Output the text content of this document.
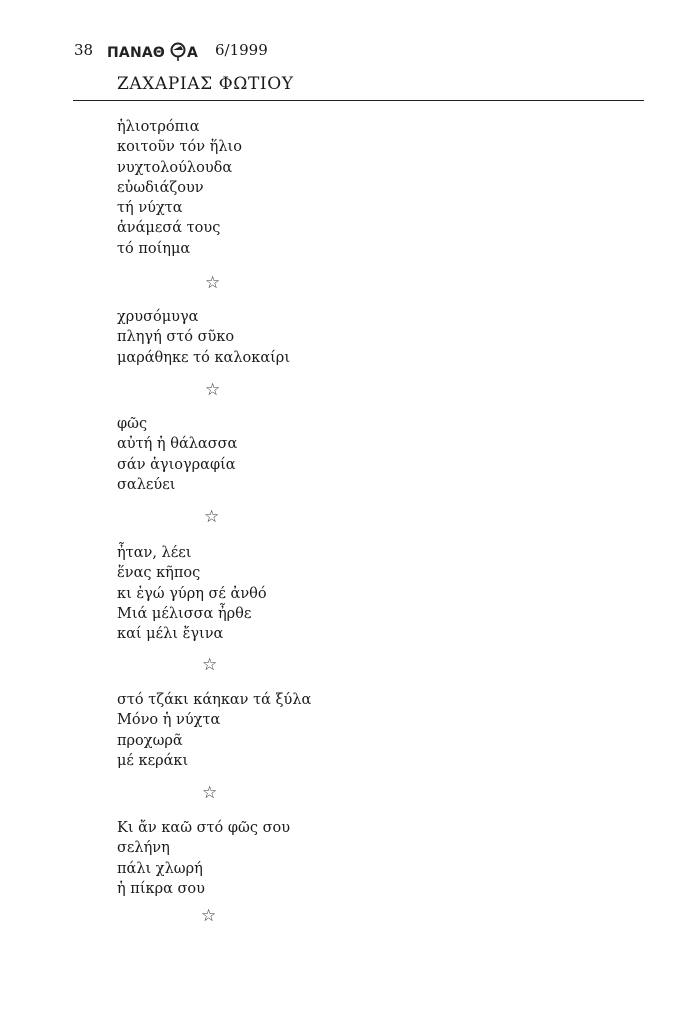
38 ΠΑΝΑΘ Α 6/1999
ΖΑΧΑΡΙΑΣ ΦΩΤΙΟΥ
ἡλιοτρόπια
κοιτοῦν τόν ἥλιο
νυχτολούλουδα
εὐωδιάζουν
τή νύχτα
ἀνάμεσά τους
τό ποίημα
☆
χρυσόμυγα
πληγή στό σῦκο
μαράθηκε τό καλοκαίρι
☆
φῶς
αὐτή ἡ θάλασσα
σάν ἁγιογραφία
σαλεύει
☆
ἦταν, λέει
ἕνας κῆπος
κι ἐγώ γύρη σέ ἀνθό
Μιά μέλισσα ἦρθε
καί μέλι ἔγινα
☆
στό τζάκι κάηκαν τά ξύλα
Μόνο ἡ νύχτα
προχωρᾶ
μέ κεράκι
☆
Κι ἄν καῶ στό φῶς σου
σελήνη
πάλι χλωρή
ἡ πίκρα σου
☆
